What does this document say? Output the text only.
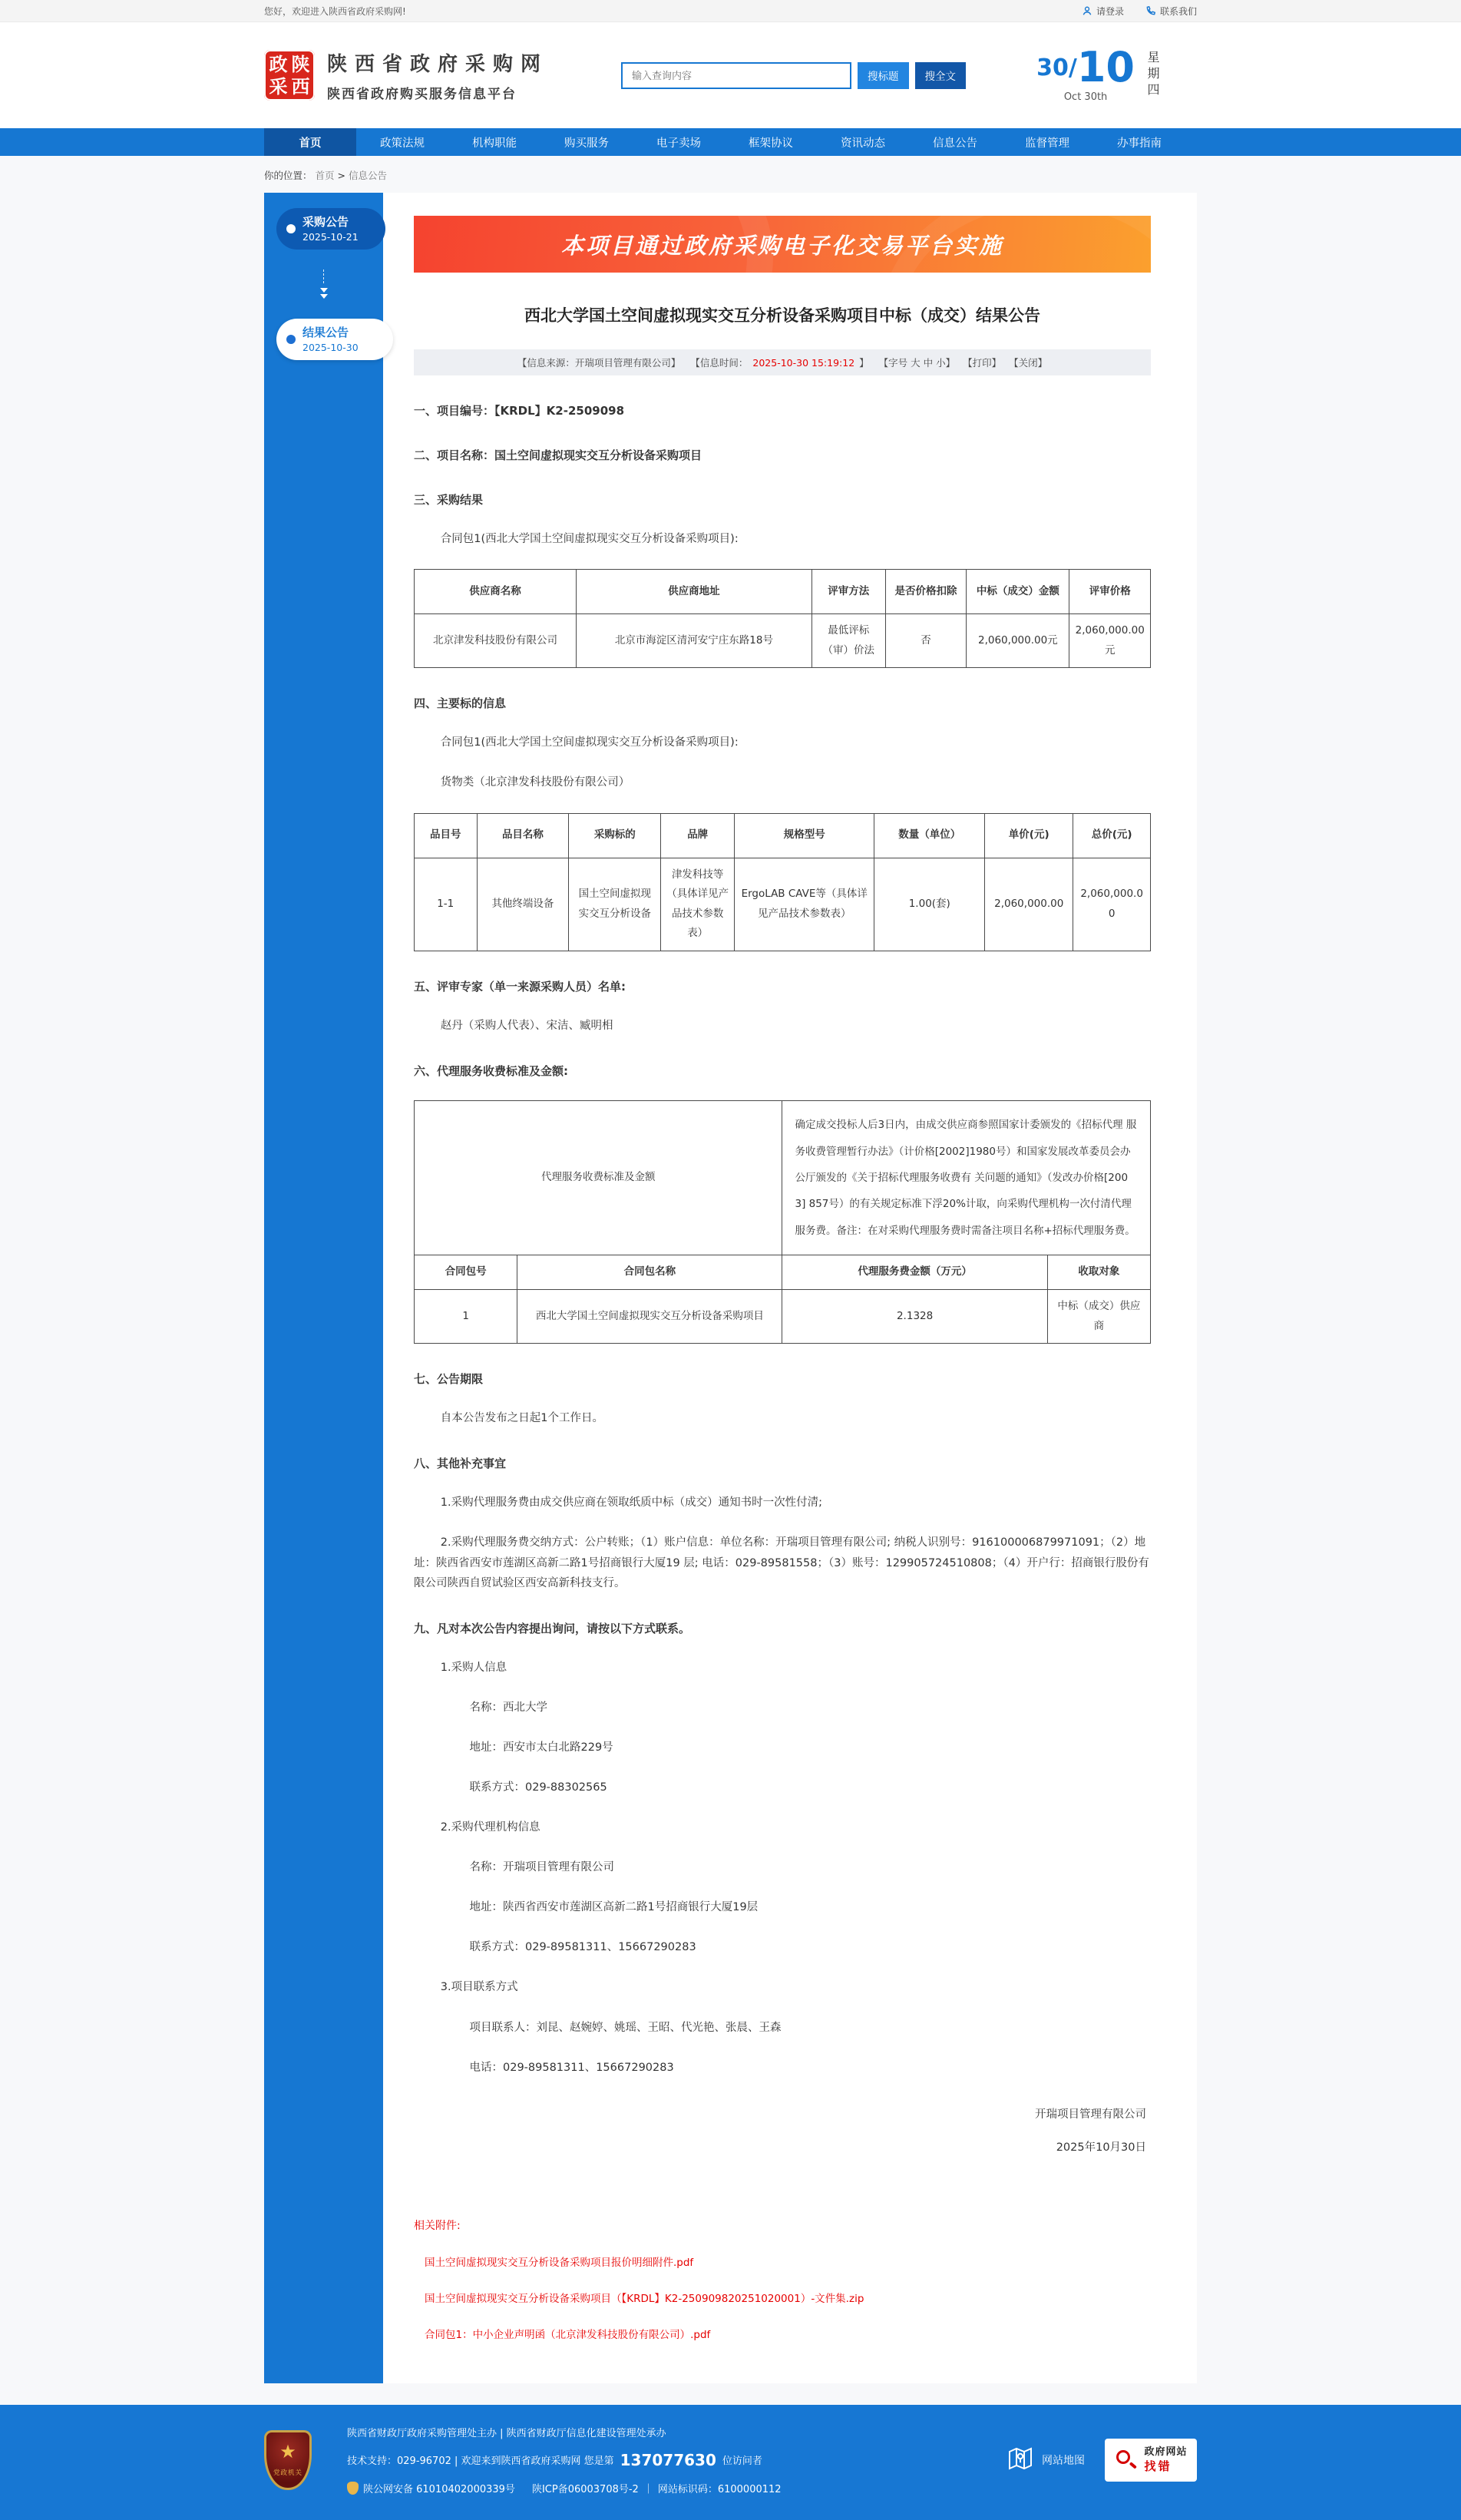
您好，欢迎进入陕西省政府采购网!	请登录	联系我们
政 陕
采 西
陕西省政府采购网

陕西省政府购买服务信息平台

输入查询内容
搜标题	搜全文	30/ 10
Oct 30th	星期四
首页	政策法规	机构职能	购买服务	电子卖场	框架协议	资讯动态	信息公告	监督管理	办事指南
你的位置： 首页 > 信息公告
采购公告
2025-10-21
结果公告
2025-10-30
本项目通过政府采购电子化交易平台实施
西北大学国土空间虚拟现实交互分析设备采购项目中标（成交）结果公告
【信息来源：开瑞项目管理有限公司】 【信息时间： 2025-10-30 15:19:12 】 【字号 大 中 小】 【打印】 【关闭】

一、项目编号：【KRDL】K2-2509098

二、项目名称：国土空间虚拟现实交互分析设备采购项目

三、采购结果

合同包1(西北大学国土空间虚拟现实交互分析设备采购项目):

供应商名称	供应商地址	评审方法	是否价格扣除	中标（成交）金额	评审价格
北京津发科技股份有限公司	北京市海淀区清河安宁庄东路18号	最低评标（审）价法	否	2,060,000.00元	2,060,000.00元

四、主要标的信息

合同包1(西北大学国土空间虚拟现实交互分析设备采购项目):

货物类（北京津发科技股份有限公司）

品目号	品目名称	采购标的	品牌	规格型号	数量（单位）	单价(元)	总价(元)
1-1	其他终端设备	国土空间虚拟现实交互分析设备	津发科技等（具体详见产品技术参数表）	ErgoLAB CAVE等（具体详见产品技术参数表）	1.00(套)	2,060,000.00	2,060,000.00

五、评审专家（单一来源采购人员）名单:

赵丹（采购人代表）、宋洁、臧明相

六、代理服务收费标准及金额:

代理服务收费标准及金额		确定成交投标人后3日内，由成交供应商参照国家计委颁发的《招标代理 服务收费管理暂行办法》（计价格[2002]1980号）和国家发展改革委员会办公厅颁发的《关于招标代理服务收费有 关问题的通知》（发改办价格[2003] 857号）的有关规定标准下浮20%计取，向采购代理机构一次付清代理服务费。备注：在对采购代理服务费时需备注项目名称+招标代理服务费。	
合同包号	合同包名称	代理服务费金额（万元）	收取对象
1	西北大学国土空间虚拟现实交互分析设备采购项目	2.1328	中标（成交）供应商

七、公告期限

自本公告发布之日起1个工作日。

八、其他补充事宜

1.采购代理服务费由成交供应商在领取纸质中标（成交）通知书时一次性付清;

2.采购代理服务费交纳方式：公户转账；（1）账户信息：单位名称：开瑞项目管理有限公司; 纳税人识别号：916100006879971091；（2）地址：陕西省西安市莲湖区高新二路1号招商银行大厦19 层; 电话：029-89581558；（3）账号：129905724510808；（4）开户行：招商银行股份有限公司陕西自贸试验区西安高新科技支行。

九、凡对本次公告内容提出询问，请按以下方式联系。

1.采购人信息

名称：西北大学

地址：西安市太白北路229号

联系方式：029-88302565

2.采购代理机构信息

名称：开瑞项目管理有限公司

地址：陕西省西安市莲湖区高新二路1号招商银行大厦19层

联系方式：029-89581311、15667290283

3.项目联系方式

项目联系人：刘昆、赵婉婷、姚瑶、王昭、代光艳、张晨、王森

电话：029-89581311、15667290283

开瑞项目管理有限公司
2025年10月30日
相关附件:
国土空间虚拟现实交互分析设备采购项目报价明细附件.pdf
国土空间虚拟现实交互分析设备采购项目（【KRDL】K2-250909820251020001）-文件集.zip
合同包1：中小企业声明函（北京津发科技股份有限公司）.pdf
★
党政机关
陕西省财政厅政府采购管理处主办 | 陕西省财政厅信息化建设管理处承办
技术支持：029-96702 | 欢迎来到陕西省政府采购网 您是第 137077630 位访问者
陕公网安备 61010402000339号 陕ICP备06003708号-2 ｜ 网站标识码：6100000112
网站地图
政府网站
找错
